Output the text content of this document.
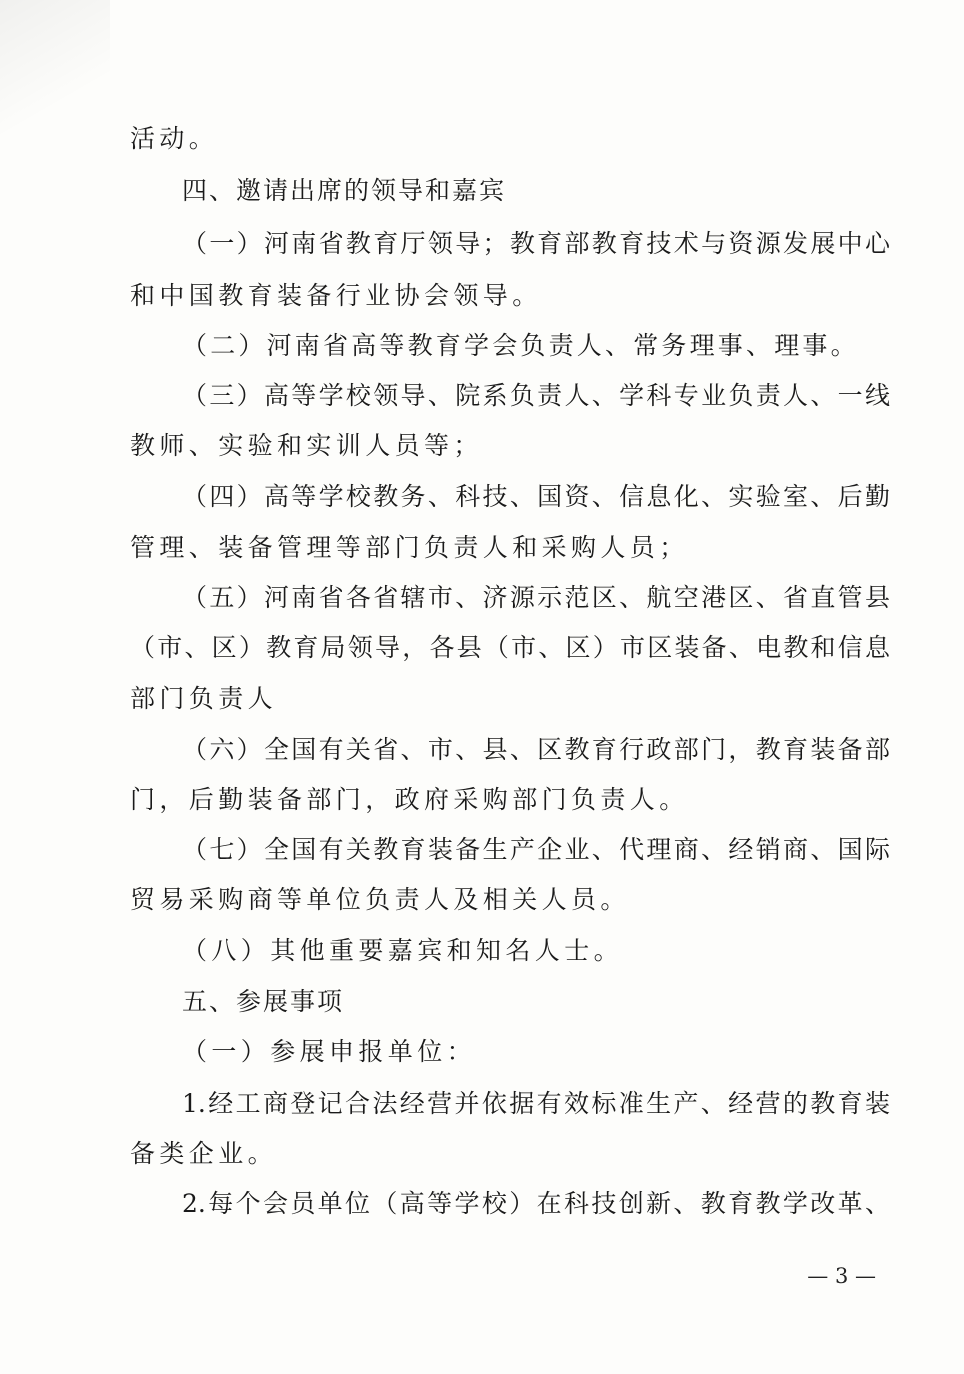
活动。
四、邀请出席的领导和嘉宾
（一）河南省教育厅领导；教育部教育技术与资源发展中心
和中国教育装备行业协会领导。
（二）河南省高等教育学会负责人、常务理事、理事。
（三）高等学校领导、院系负责人、学科专业负责人、一线
教师、实验和实训人员等；
（四）高等学校教务、科技、国资、信息化、实验室、后勤
管理、装备管理等部门负责人和采购人员；
（五）河南省各省辖市、济源示范区、航空港区、省直管县
（市、区）教育局领导，各县（市、区）市区装备、电教和信息
部门负责人
（六）全国有关省、市、县、区教育行政部门，教育装备部
门，后勤装备部门，政府采购部门负责人。
（七）全国有关教育装备生产企业、代理商、经销商、国际
贸易采购商等单位负责人及相关人员。
（八）其他重要嘉宾和知名人士。
五、参展事项
（一）参展申报单位：
1.经工商登记合法经营并依据有效标准生产、经营的教育装
备类企业。
2.每个会员单位（高等学校）在科技创新、教育教学改革、
— 3 —
